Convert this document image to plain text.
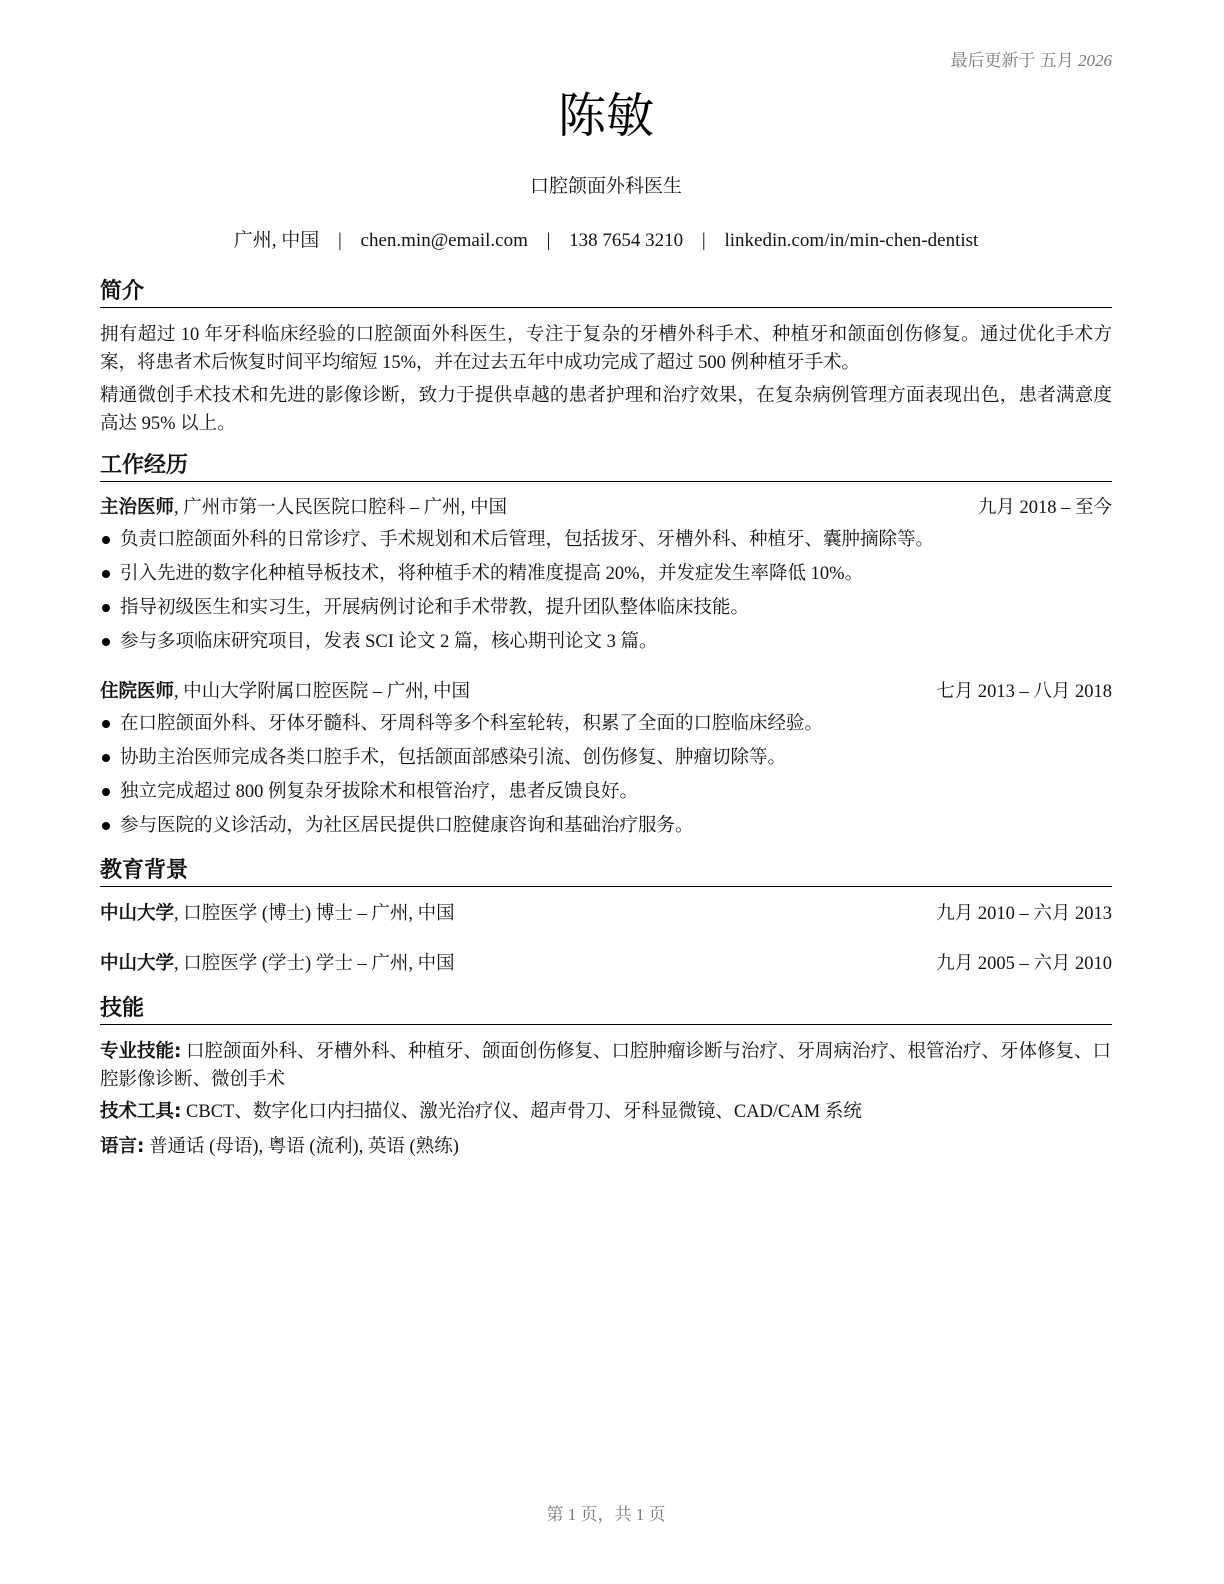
最后更新于 五月 2026
陈敏
口腔颌面外科医生
广州, 中国 | chen.min@email.com | 138 7654 3210 | linkedin.com/in/min-chen-dentist
简介
拥有超过 10 年牙科临床经验的口腔颌面外科医生，专注于复杂的牙槽外科手术、种植牙和颌面创伤修复。通过优化手术方案，将患者术后恢复时间平均缩短 15%，并在过去五年中成功完成了超过 500 例种植牙手术。
精通微创手术技术和先进的影像诊断，致力于提供卓越的患者护理和治疗效果，在复杂病例管理方面表现出色，患者满意度高达 95% 以上。
工作经历
主治医师, 广州市第一人民医院口腔科 – 广州, 中国	九月 2018 – 至今
负责口腔颌面外科的日常诊疗、手术规划和术后管理，包括拔牙、牙槽外科、种植牙、囊肿摘除等。
引入先进的数字化种植导板技术，将种植手术的精准度提高 20%，并发症发生率降低 10%。
指导初级医生和实习生，开展病例讨论和手术带教，提升团队整体临床技能。
参与多项临床研究项目，发表 SCI 论文 2 篇，核心期刊论文 3 篇。
住院医师, 中山大学附属口腔医院 – 广州, 中国	七月 2013 – 八月 2018
在口腔颌面外科、牙体牙髓科、牙周科等多个科室轮转，积累了全面的口腔临床经验。
协助主治医师完成各类口腔手术，包括颌面部感染引流、创伤修复、肿瘤切除等。
独立完成超过 800 例复杂牙拔除术和根管治疗，患者反馈良好。
参与医院的义诊活动，为社区居民提供口腔健康咨询和基础治疗服务。
教育背景
中山大学, 口腔医学 (博士) 博士 – 广州, 中国	九月 2010 – 六月 2013
中山大学, 口腔医学 (学士) 学士 – 广州, 中国	九月 2005 – 六月 2010
技能
专业技能: 口腔颌面外科、牙槽外科、种植牙、颌面创伤修复、口腔肿瘤诊断与治疗、牙周病治疗、根管治疗、牙体修复、口腔影像诊断、微创手术
技术工具: CBCT、数字化口内扫描仪、激光治疗仪、超声骨刀、牙科显微镜、CAD/CAM 系统
语言: 普通话 (母语), 粤语 (流利), 英语 (熟练)
第 1 页，共 1 页
